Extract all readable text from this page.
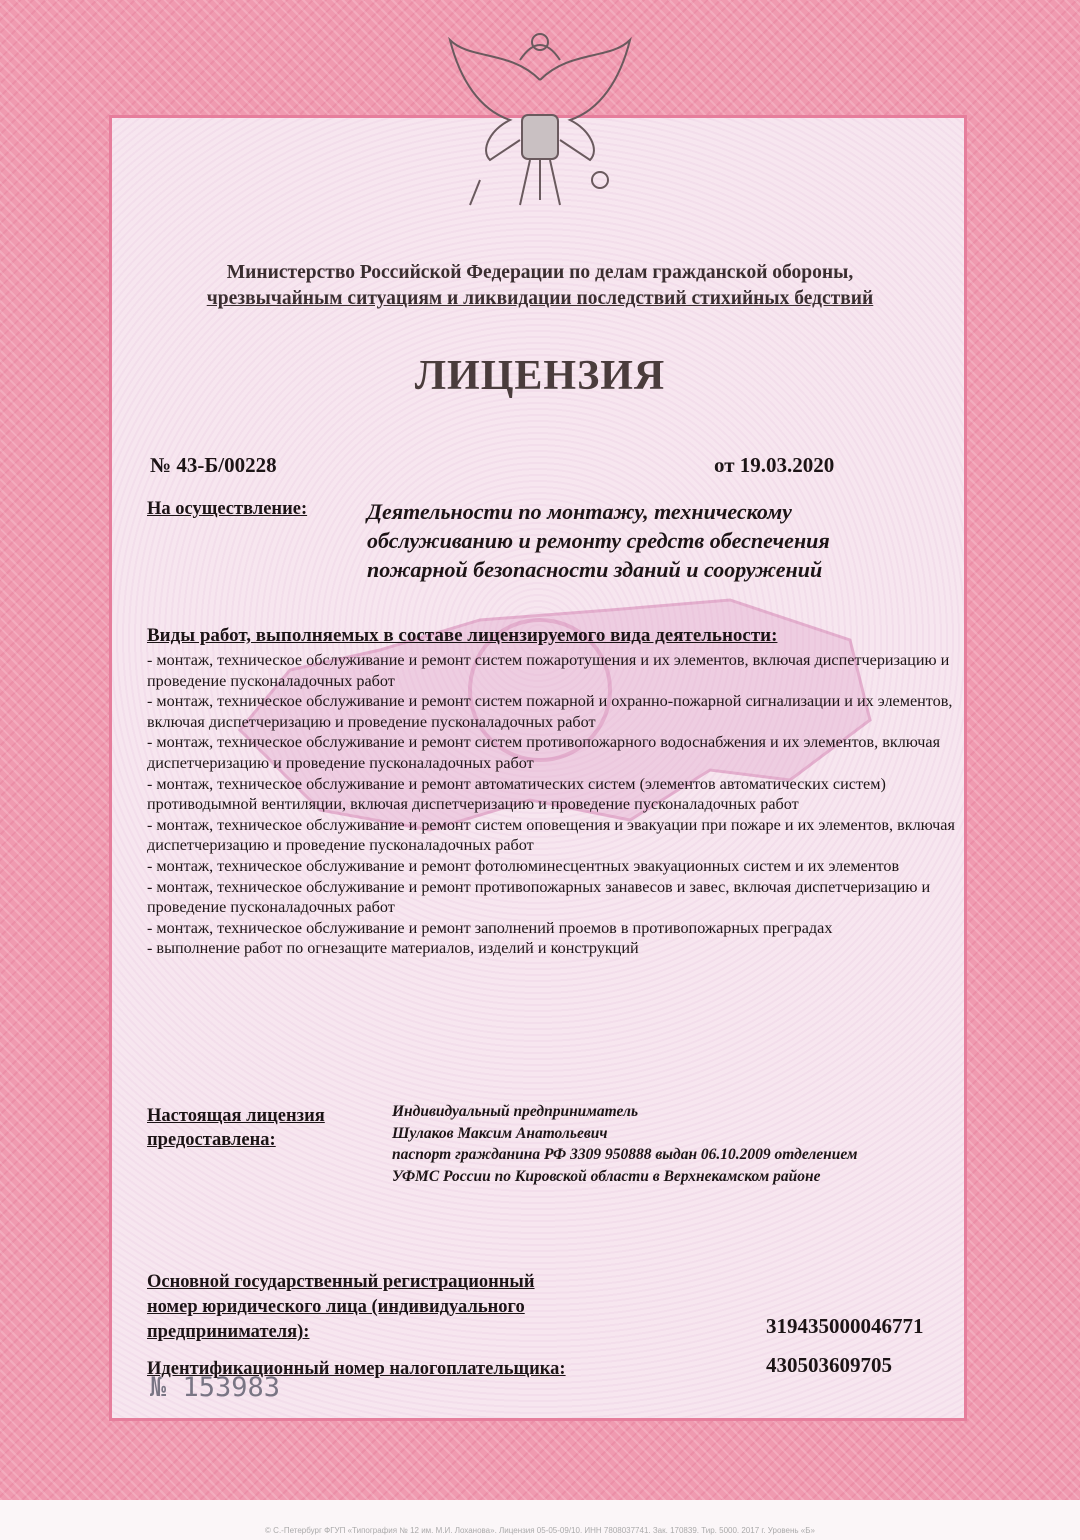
Министерство Российской Федерации по делам гражданской обороны,
чрезвычайным ситуациям и ликвидации последствий стихийных бедствий
ЛИЦЕНЗИЯ
№ 43-Б/00228	от 19.03.2020
На осуществление:	Деятельности по монтажу, техническому
обслуживанию и ремонту средств обеспечения
пожарной безопасности зданий и сооружений
Виды работ, выполняемых в составе лицензируемого вида деятельности:
- монтаж, техническое обслуживание и ремонт систем пожаротушения и их элементов, включая диспетчеризацию и проведение пусконаладочных работ
- монтаж, техническое обслуживание и ремонт систем пожарной и охранно-пожарной сигнализации и их элементов, включая диспетчеризацию и проведение пусконаладочных работ
- монтаж, техническое обслуживание и ремонт систем противопожарного водоснабжения и их элементов, включая диспетчеризацию и проведение пусконаладочных работ
- монтаж, техническое обслуживание и ремонт автоматических систем (элементов автоматических систем) противодымной вентиляции, включая диспетчеризацию и проведение пусконаладочных работ
- монтаж, техническое обслуживание и ремонт систем оповещения и эвакуации при пожаре и их элементов, включая диспетчеризацию и проведение пусконаладочных работ
- монтаж, техническое обслуживание и ремонт фотолюминесцентных эвакуационных систем и их элементов
- монтаж, техническое обслуживание и ремонт противопожарных занавесов и завес, включая диспетчеризацию и проведение пусконаладочных работ
- монтаж, техническое обслуживание и ремонт заполнений проемов в противопожарных преградах
- выполнение работ по огнезащите материалов, изделий и конструкций
Настоящая лицензия
предоставлена:
Индивидуальный предприниматель
Шулаков Максим Анатольевич
паспорт гражданина РФ 3309 950888 выдан 06.10.2009 отделением
УФМС России по Кировской области в Верхнекамском районе
Основной государственный регистрационный
номер юридического лица (индивидуального
предпринимателя):	319435000046771
Идентификационный номер налогоплательщика:	430503609705
№ 153983
© С.-Петербург ФГУП «Типография № 12 им. М.И. Лоханова». Лицензия 05-05-09/10. ИНН 7808037741. Зак. 170839. Тир. 5000. 2017 г. Уровень «Б»
